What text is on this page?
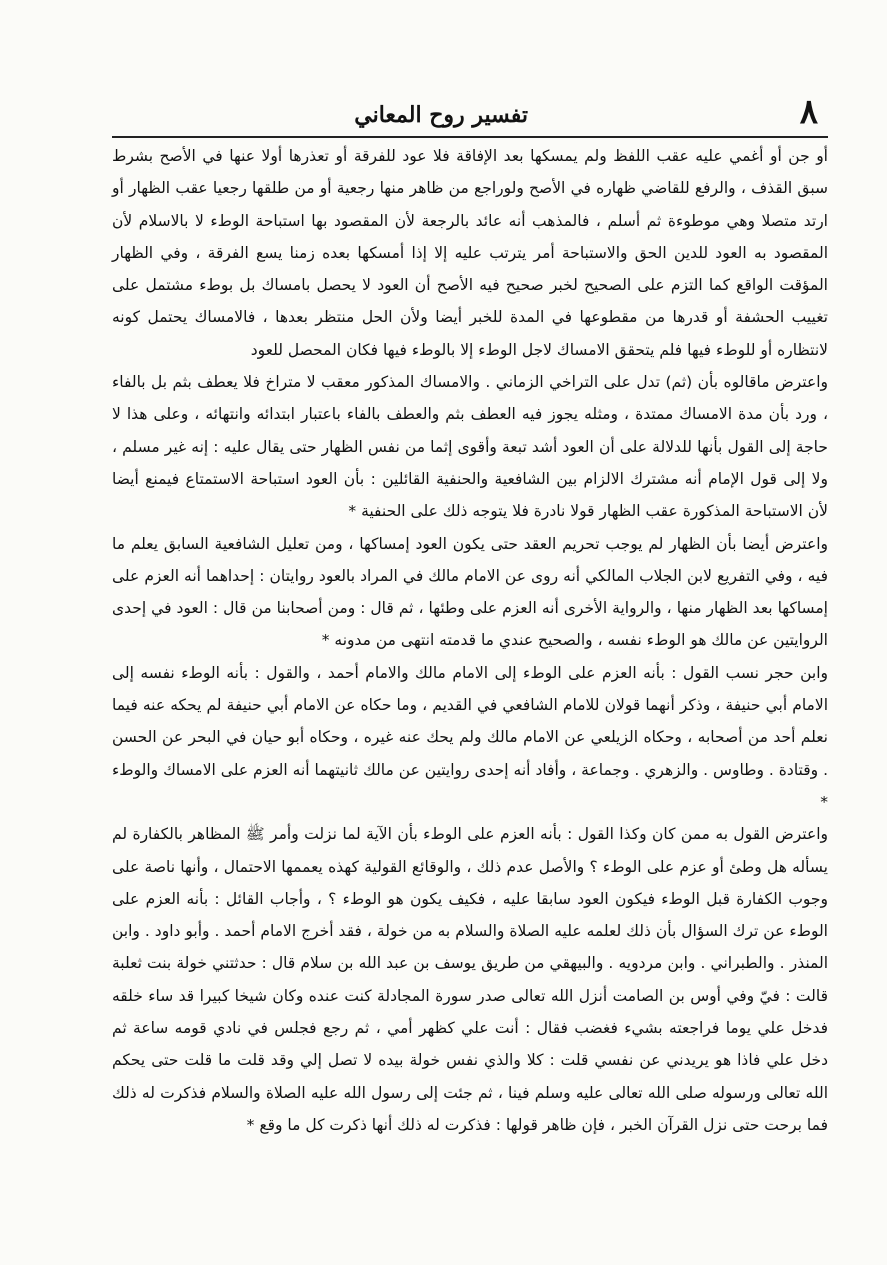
٨
تفسير روح المعاني

أو جن أو أغمي عليه عقب اللفظ ولم يمسكها بعد الإفاقة فلا عود للفرقة أو تعذرها أولا عنها في الأصح بشرط سبق القذف ، والرفع للقاضي ظهاره في الأصح ولوراجع من ظاهر منها رجعية أو من طلقها رجعيا عقب الظهار أو ارتد متصلا وهي موطوءة ثم أسلم ، فالمذهب أنه عائد بالرجعة لأن المقصود بها استباحة الوطء لا بالاسلام لأن المقصود به العود للدين الحق والاستباحة أمر يترتب عليه إلا إذا أمسكها بعده زمنا يسع الفرقة ، وفي الظهار المؤقت الواقع كما التزم على الصحيح لخبر صحيح فيه الأصح أن العود لا يحصل بامساك بل بوطء مشتمل على تغييب الحشفة أو قدرها من مقطوعها في المدة للخبر أيضا ولأن الحل منتظر بعدها ، فالامساك يحتمل كونه لانتظاره أو للوطء فيها فلم يتحقق الامساك لاجل الوطء إلا بالوطء فيها فكان المحصل للعود

واعترض ماقالوه بأن (ثم) تدل على التراخي الزماني . والامساك المذكور معقب لا متراخ فلا يعطف بثم بل بالفاء ، ورد بأن مدة الامساك ممتدة ، ومثله يجوز فيه العطف بثم والعطف بالفاء باعتبار ابتدائه وانتهائه ، وعلى هذا لا حاجة إلى القول بأنها للدلالة على أن العود أشد تبعة وأقوى إثما من نفس الظهار حتى يقال عليه : إنه غير مسلم ، ولا إلى قول الإمام أنه مشترك الالزام بين الشافعية والحنفية القائلين : بأن العود استباحة الاستمتاع فيمنع أيضا لأن الاستباحة المذكورة عقب الظهار قولا نادرة فلا يتوجه ذلك على الحنفية *

واعترض أيضا بأن الظهار لم يوجب تحريم العقد حتى يكون العود إمساكها ، ومن تعليل الشافعية السابق يعلم ما فيه ، وفي التفريع لابن الجلاب المالكي أنه روى عن الامام مالك في المراد بالعود روايتان : إحداهما أنه العزم على إمساكها بعد الظهار منها ، والرواية الأخرى أنه العزم على وطئها ، ثم قال : ومن أصحابنا من قال : العود في إحدى الروايتين عن مالك هو الوطء نفسه ، والصحيح عندي ما قدمته انتهى من مدونه *

وابن حجر نسب القول : بأنه العزم على الوطء إلى الامام مالك والامام أحمد ، والقول : بأنه الوطء نفسه إلى الامام أبي حنيفة ، وذكر أنهما قولان للامام الشافعي في القديم ، وما حكاه عن الامام أبي حنيفة لم يحكه عنه فيما نعلم أحد من أصحابه ، وحكاه الزيلعي عن الامام مالك ولم يحك عنه غيره ، وحكاه أبو حيان في البحر عن الحسن . وقتادة . وطاوس . والزهري . وجماعة ، وأفاد أنه إحدى روايتين عن مالك ثانيتهما أنه العزم على الامساك والوطء *

واعترض القول به ممن كان وكذا القول : بأنه العزم على الوطء بأن الآية لما نزلت وأمر ﷺ المظاهر بالكفارة لم يسأله هل وطئ أو عزم على الوطء ؟ والأصل عدم ذلك ، والوقائع القولية كهذه يعممها الاحتمال ، وأنها ناصة على وجوب الكفارة قبل الوطء فيكون العود سابقا عليه ، فكيف يكون هو الوطء ؟ ، وأجاب القائل : بأنه العزم على الوطء عن ترك السؤال بأن ذلك لعلمه عليه الصلاة والسلام به من خولة ، فقد أخرج الامام أحمد . وأبو داود . وابن المنذر . والطبراني . وابن مردويه . والبيهقي من طريق يوسف بن عبد الله بن سلام قال : حدثتني خولة بنت ثعلبة قالت : فيّ وفي أوس بن الصامت أنزل الله تعالى صدر سورة المجادلة كنت عنده وكان شيخا كبيرا قد ساء خلقه فدخل علي يوما فراجعته بشيء فغضب فقال : أنت علي كظهر أمي ، ثم رجع فجلس في نادي قومه ساعة ثم دخل علي فاذا هو يريدني عن نفسي قلت : كلا والذي نفس خولة بيده لا تصل إلي وقد قلت ما قلت حتى يحكم الله تعالى ورسوله صلى الله تعالى عليه وسلم فينا ، ثم جئت إلى رسول الله عليه الصلاة والسلام فذكرت له ذلك فما برحت حتى نزل القرآن الخبر ، فإن ظاهر قولها : فذكرت له ذلك أنها ذكرت كل ما وقع *
